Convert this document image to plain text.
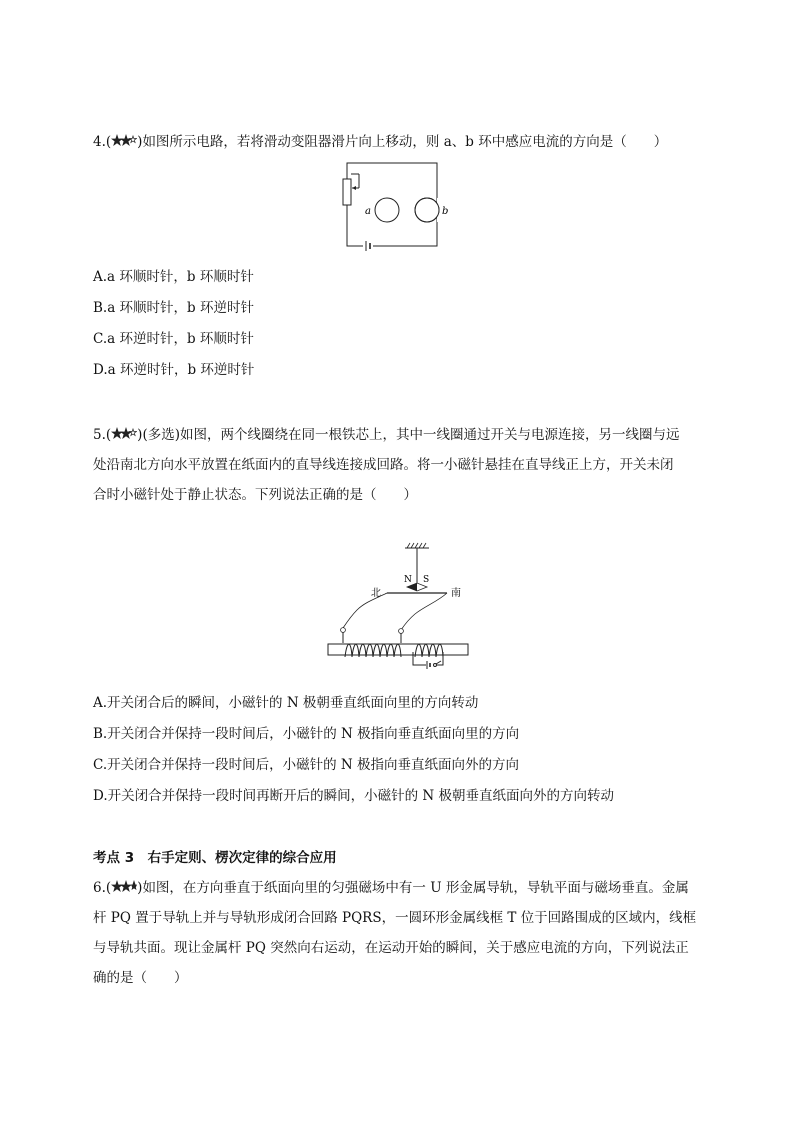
4.( )如图所示电路，若将滑动变阻器滑片向上移动，则 a、b 环中感应电流的方向是（　　）
a	b
A.a 环顺时针，b 环顺时针
B.a 环顺时针，b 环逆时针
C.a 环逆时针，b 环顺时针
D.a 环逆时针，b 环逆时针
5.( )(多选)如图，两个线圈绕在同一根铁芯上，其中一线圈通过开关与电源连接，另一线圈与远
处沿南北方向水平放置在纸面内的直导线连接成回路。将一小磁针悬挂在直导线正上方，开关未闭
合时小磁针处于静止状态。下列说法正确的是（　　）
N S
北	南
A.开关闭合后的瞬间，小磁针的 N 极朝垂直纸面向里的方向转动
B.开关闭合并保持一段时间后，小磁针的 N 极指向垂直纸面向里的方向
C.开关闭合并保持一段时间后，小磁针的 N 极指向垂直纸面向外的方向
D.开关闭合并保持一段时间再断开后的瞬间，小磁针的 N 极朝垂直纸面向外的方向转动
考点 3　右手定则、楞次定律的综合应用
6.( )如图，在方向垂直于纸面向里的匀强磁场中有一 U 形金属导轨，导轨平面与磁场垂直。金属
杆 PQ 置于导轨上并与导轨形成闭合回路 PQRS，一圆环形金属线框 T 位于回路围成的区域内，线框
与导轨共面。现让金属杆 PQ 突然向右运动，在运动开始的瞬间，关于感应电流的方向，下列说法正
确的是（　　）
